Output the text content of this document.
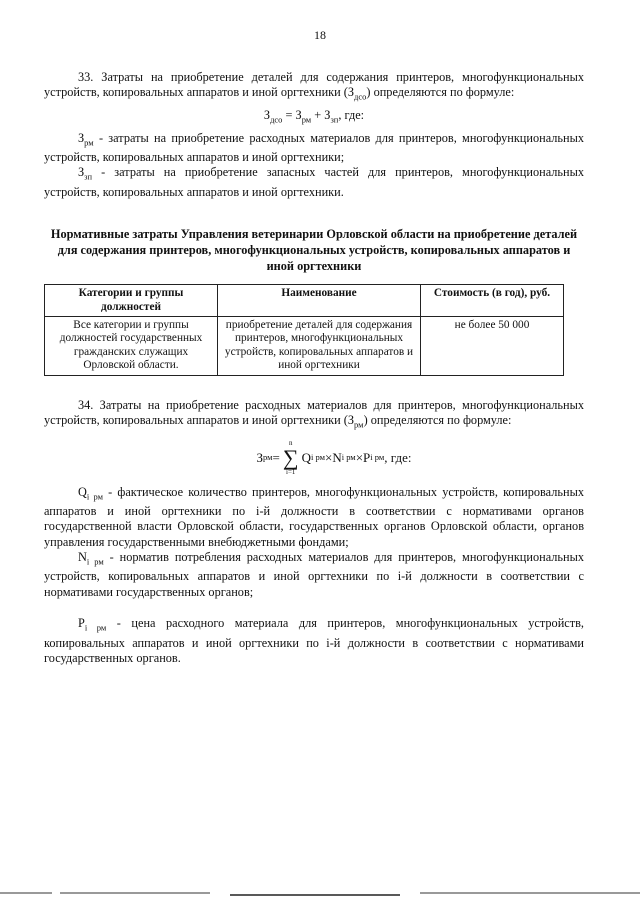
18

33. Затраты на приобретение деталей для содержания принтеров, многофункциональных устройств, копировальных аппаратов и иной оргтехники $(З_{дсо})$ определяются по формуле:

$З_{дсо} = З_{рм} + З_{зп}$, где:

$З_{рм}$ - затраты на приобретение расходных материалов для принтеров, многофункциональных устройств, копировальных аппаратов и иной оргтехники;

$З_{зп}$ - затраты на приобретение запасных частей для принтеров, многофункциональных устройств, копировальных аппаратов и иной оргтехники.

Нормативные затраты Управления ветеринарии Орловской области на приобретение деталей для содержания принтеров, многофункциональных устройств, копировальных аппаратов и иной оргтехники
Категории и группы должностей	Наименование	Стоимость (в год), руб.
Все категории и группы должностей государственных гражданских служащих Орловской области.	приобретение деталей для содержания принтеров, многофункциональных устройств, копировальных аппаратов и иной оргтехники	не более 50 000

34. Затраты на приобретение расходных материалов для принтеров, многофункциональных устройств, копировальных аппаратов и иной оргтехники $(З_{рм})$ определяются по формуле:

З рм =
n
∑
i=1
Q i рм × N i рм × P i рм , где:

$Q_{i рм}$ - фактическое количество принтеров, многофункциональных устройств, копировальных аппаратов и иной оргтехники по i-й должности в соответствии с нормативами органов государственной власти Орловской области, государственных органов Орловской области, органов управления государственными внебюджетными фондами;

$N_{i рм}$ - норматив потребления расходных материалов для принтеров, многофункциональных устройств, копировальных аппаратов и иной оргтехники по i-й должности в соответствии с нормативами государственных органов;

$P_{i рм}$ - цена расходного материала для принтеров, многофункциональных устройств, копировальных аппаратов и иной оргтехники по i-й должности в соответствии с нормативами государственных органов.
